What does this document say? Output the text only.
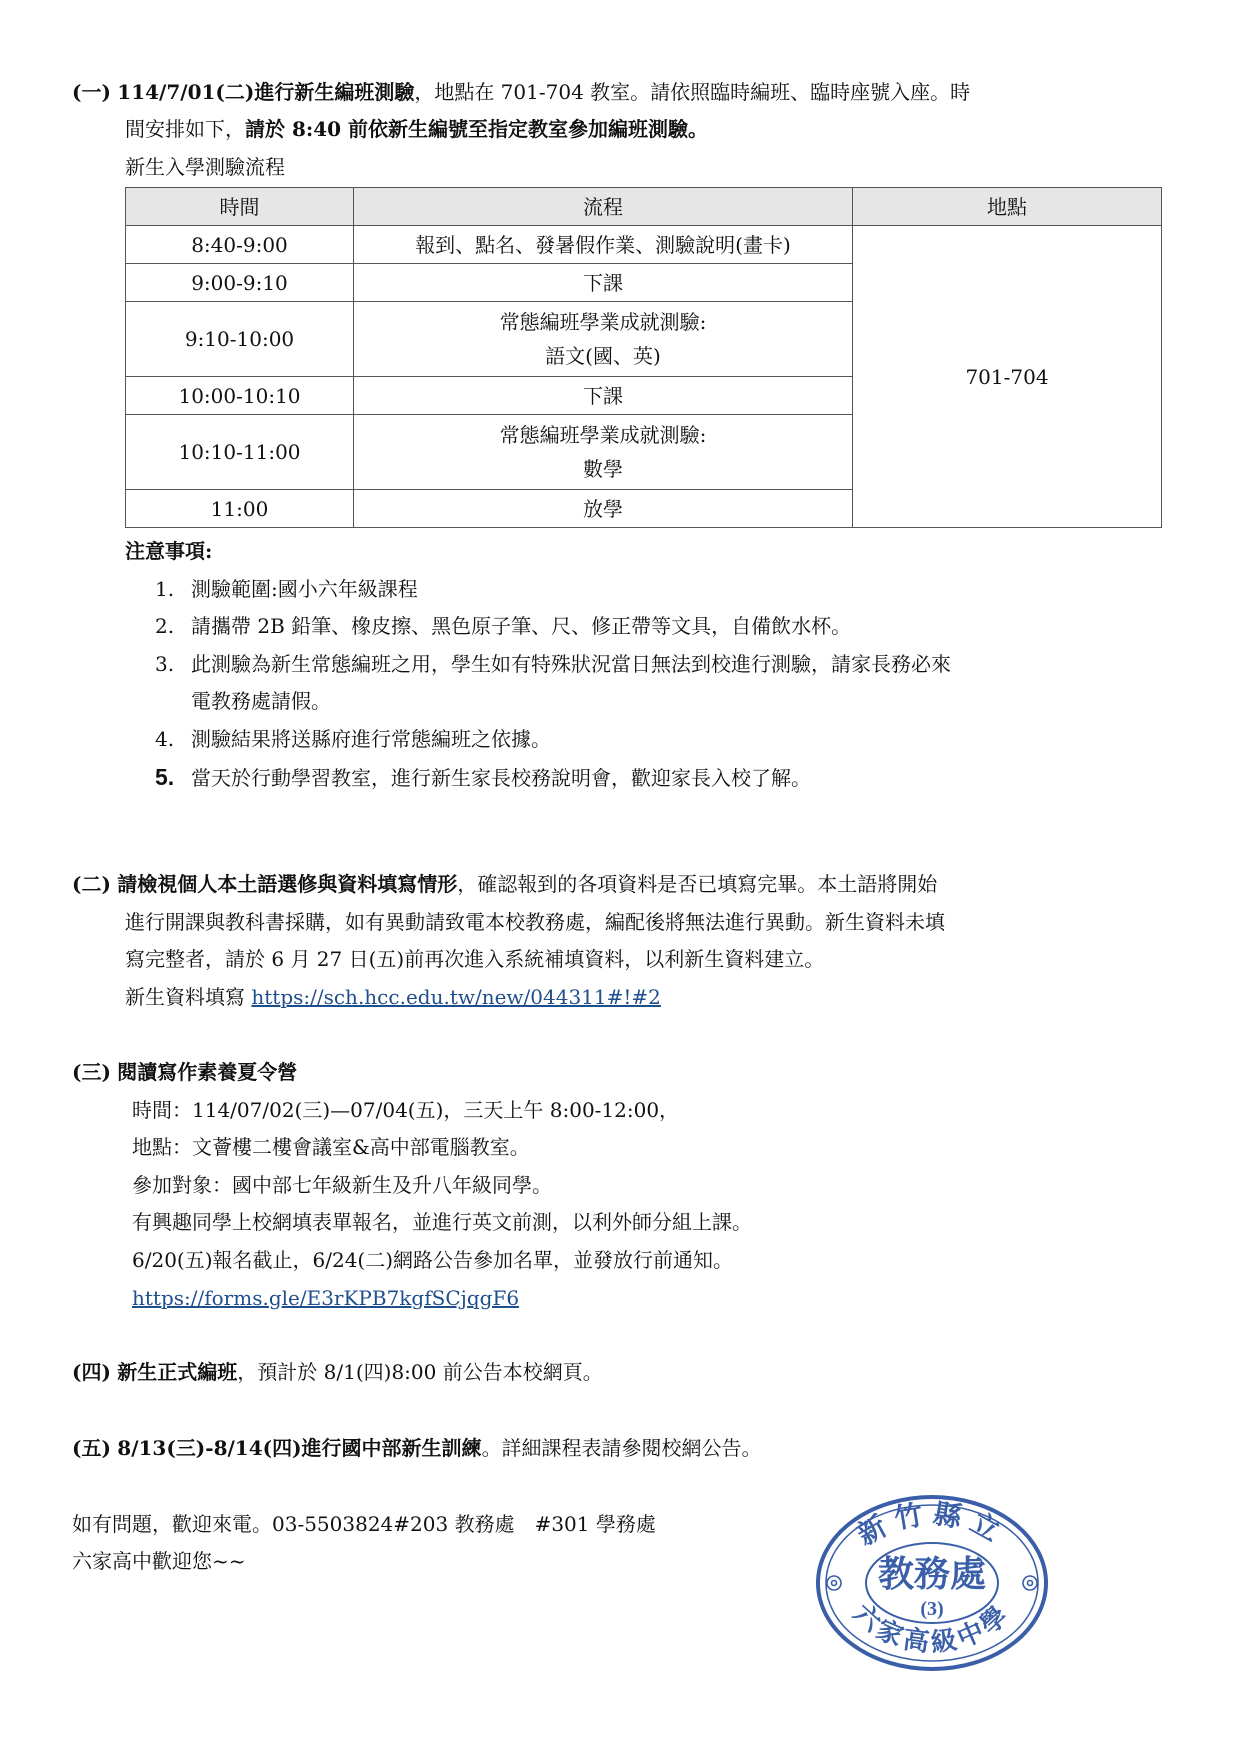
(一) 114/7/01(二)進行新生編班測驗，地點在 701-704 教室。請依照臨時編班、臨時座號入座。時
間安排如下，請於 8:40 前依新生編號至指定教室參加編班測驗。
新生入學測驗流程
時間	流程	地點
8:40-9:00	報到、點名、發暑假作業、測驗說明(畫卡)	701-704
9:00-9:10	下課	
9:10-10:00	常態編班學業成就測驗:
語文(國、英)	

10:00-10:10	下課	
10:10-11:00	常態編班學業成就測驗:
數學	

11:00	放學	
注意事項:
1. 測驗範圍:國小六年級課程
2. 請攜帶 2B 鉛筆、橡皮擦、黑色原子筆、尺、修正帶等文具，自備飲水杯。
3. 此測驗為新生常態編班之用，學生如有特殊狀況當日無法到校進行測驗，請家長務必來
電教務處請假。
4. 測驗結果將送縣府進行常態編班之依據。
5. 當天於行動學習教室，進行新生家長校務說明會，歡迎家長入校了解。
(二) 請檢視個人本土語選修與資料填寫情形，確認報到的各項資料是否已填寫完畢。本土語將開始
進行開課與教科書採購，如有異動請致電本校教務處，編配後將無法進行異動。新生資料未填
寫完整者，請於 6 月 27 日(五)前再次進入系統補填資料，以利新生資料建立。
新生資料填寫 https://sch.hcc.edu.tw/new/044311#!#2
(三) 閱讀寫作素養夏令營
時間：114/07/02(三)—07/04(五)，三天上午 8:00-12:00，
地點：文薈樓二樓會議室&高中部電腦教室。
參加對象：國中部七年級新生及升八年級同學。
有興趣同學上校網填表單報名，並進行英文前測，以利外師分組上課。
6/20(五)報名截止，6/24(二)網路公告參加名單，並發放行前通知。
https://forms.gle/E3rKPB7kgfSCjqgF6
(四) 新生正式編班，預計於 8/1(四)8:00 前公告本校網頁。
(五) 8/13(三)-8/14(四)進行國中部新生訓練。詳細課程表請參閱校網公告。
如有問題，歡迎來電。03-5503824#203 教務處　#301 學務處
六家高中歡迎您~~
新竹縣立
教務處
(3)
六家高級中學
